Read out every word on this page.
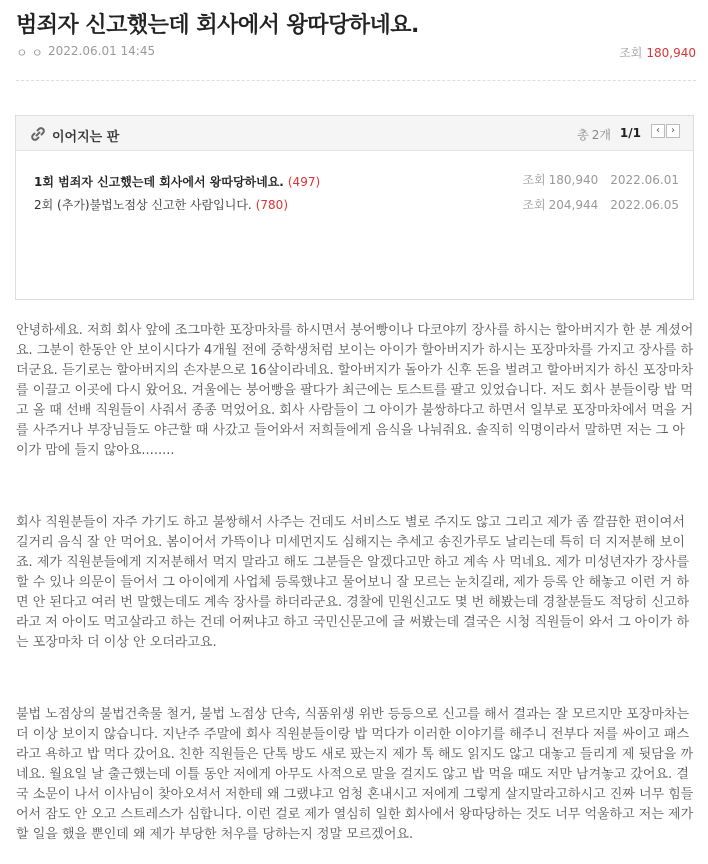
범죄자 신고했는데 회사에서 왕따당하네요.
ㅇ ㅇ 2022.06.01 14:45	조회 180,940
이어지는 판	총 2개 1/1	‹	›
1회 범죄자 신고했는데 회사에서 왕따당하네요. (497)	조회 180,940 2022.06.01
2회 (추가)불법노점상 신고한 사람입니다. (780)	조회 204,944 2022.06.05

안녕하세요. 저희 회사 앞에 조그마한 포장마차를 하시면서 붕어빵이나 다코야끼 장사를 하시는 할아버지가 한 분 계셨어요. 그분이 한동안 안 보이시다가 4개월 전에 중학생처럼 보이는 아이가 할아버지가 하시는 포장마차를 가지고 장사를 하더군요. 듣기로는 할아버지의 손자분으로 16살이라네요. 할아버지가 돌아가 신후 돈을 벌려고 할아버지가 하신 포장마차를 이끌고 이곳에 다시 왔어요. 겨울에는 붕어빵을 팔다가 최근에는 토스트를 팔고 있었습니다. 저도 회사 분들이랑 밥 먹고 올 때 선배 직원들이 사줘서 종종 먹었어요. 회사 사람들이 그 아이가 불쌍하다고 하면서 일부로 포장마차에서 먹을 거를 사주거나 부장님들도 야근할 때 사갔고 들어와서 저희들에게 음식을 나눠줘요. 솔직히 익명이라서 말하면 저는 그 아이가 맘에 들지 않아요........

회사 직원분들이 자주 가기도 하고 불쌍해서 사주는 건데도 서비스도 별로 주지도 않고 그리고 제가 좀 깔끔한 편이여서 길거리 음식 잘 안 먹어요. 봄이어서 가뜩이나 미세먼지도 심해지는 추세고 송진가루도 날리는데 특히 더 지저분해 보이죠. 제가 직원분들에게 지저분해서 먹지 말라고 해도 그분들은 알겠다고만 하고 계속 사 먹네요. 제가 미성년자가 장사를 할 수 있나 의문이 들어서 그 아이에게 사업체 등록했냐고 물어보니 잘 모르는 눈치길래, 제가 등록 안 해놓고 이런 거 하면 안 된다고 여러 번 말했는데도 계속 장사를 하더라군요. 경찰에 민원신고도 몇 번 해봤는데 경찰분들도 적당히 신고하라고 저 아이도 먹고살라고 하는 건데 어쩌냐고 하고 국민신문고에 글 써봤는데 결국은 시청 직원들이 와서 그 아이가 하는 포장마차 더 이상 안 오더라고요.

불법 노점상의 불법건축물 철거, 불법 노점상 단속, 식품위생 위반 등등으로 신고를 해서 결과는 잘 모르지만 포장마차는 더 이상 보이지 않습니다. 지난주 주말에 회사 직원분들이랑 밥 먹다가 이러한 이야기를 해주니 전부다 저를 싸이고 패스라고 욕하고 밥 먹다 갔어요. 친한 직원들은 단톡 방도 새로 팠는지 제가 톡 해도 읽지도 않고 대놓고 들리게 제 뒷담을 까네요. 월요일 날 출근했는데 이틀 동안 저에게 아무도 사적으로 말을 걸지도 않고 밥 먹을 때도 저만 남겨놓고 갔어요. 결국 소문이 나서 이사님이 찾아오셔서 저한테 왜 그랬냐고 엄청 혼내시고 저에게 그렇게 살지말라고하시고 진짜 너무 힘들어서 잠도 안 오고 스트레스가 심합니다. 이런 걸로 제가 열심히 일한 회사에서 왕따당하는 것도 너무 억울하고 저는 제가 할 일을 했을 뿐인데 왜 제가 부당한 처우를 당하는지 정말 모르겠어요.
